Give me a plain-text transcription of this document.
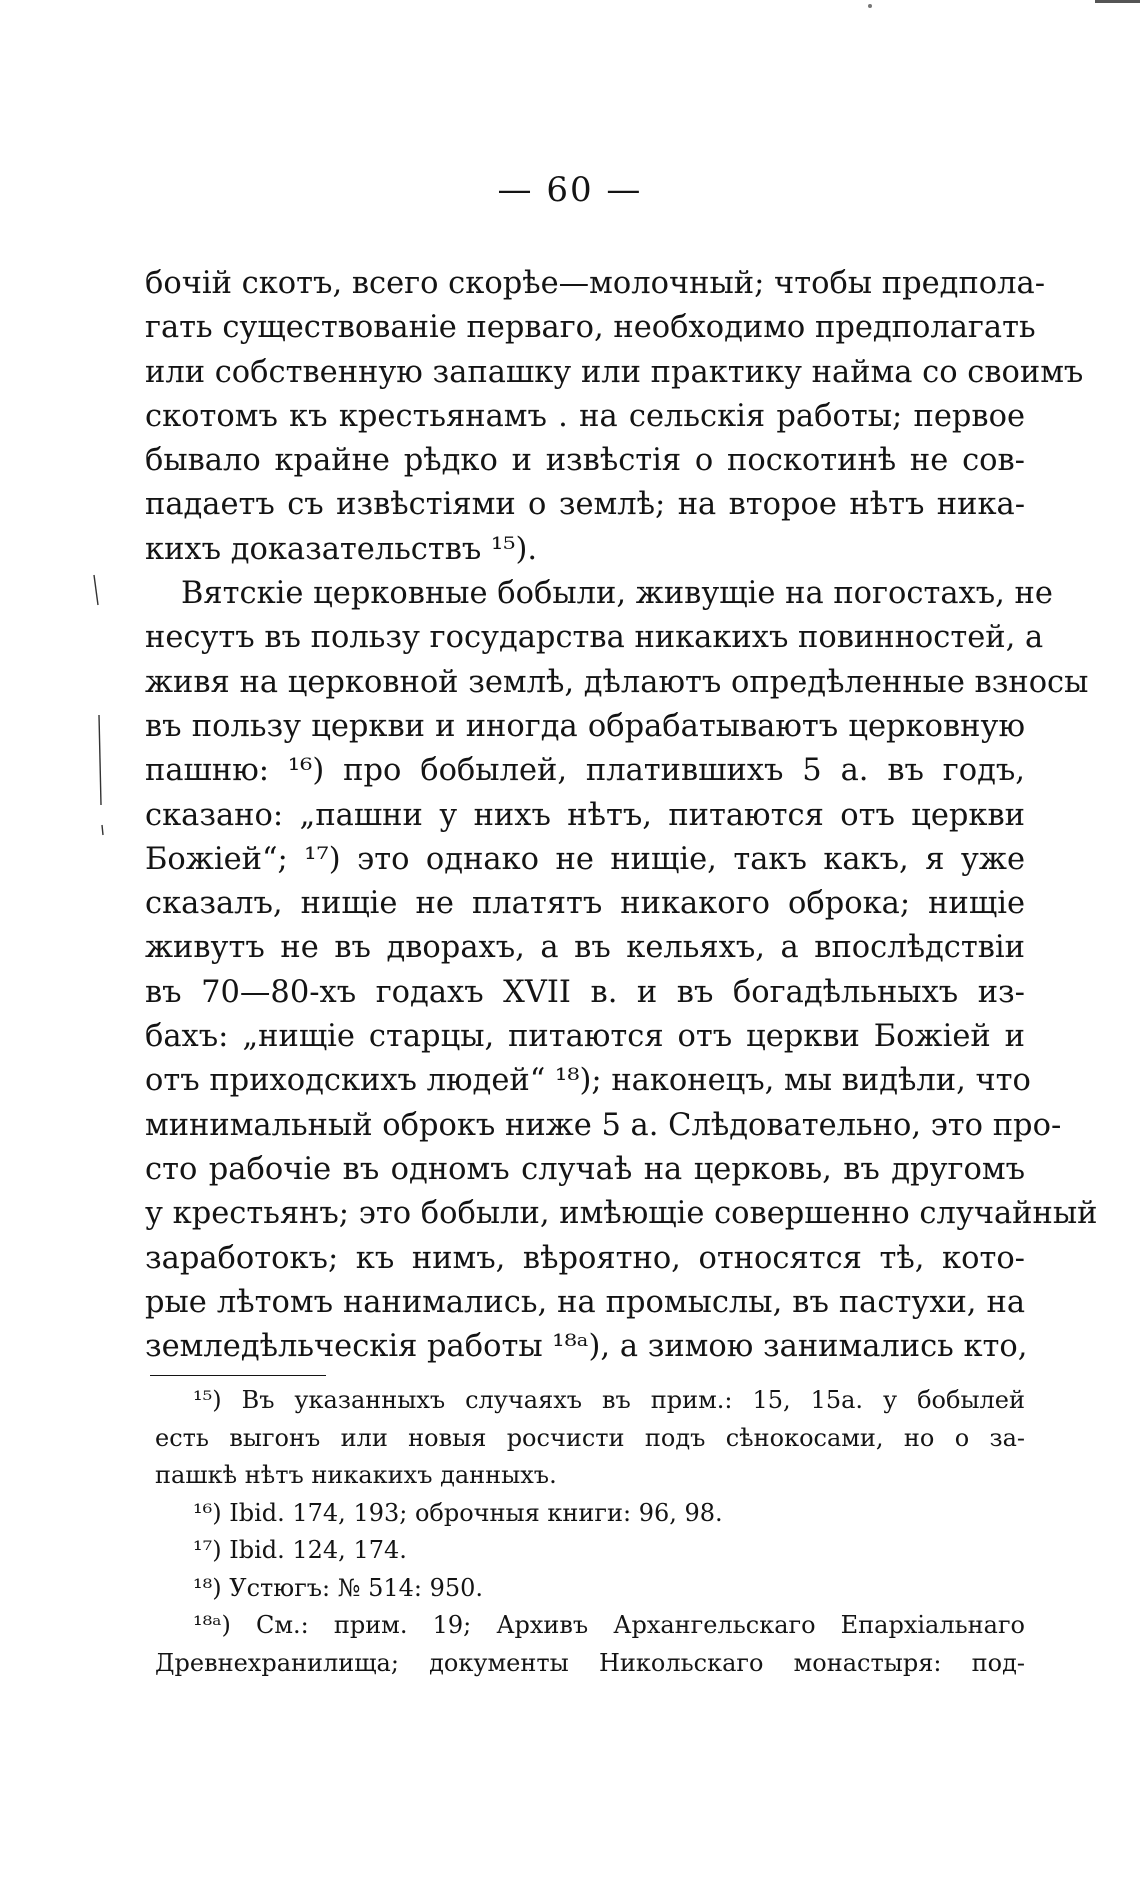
— 60 —
бочій скотъ, всего скорѣе—молочный; чтобы предпола-
гать существованіе перваго, необходимо предполагать
или собственную запашку или практику найма со своимъ
скотомъ къ крестьянамъ . на сельскія работы; первое
бывало крайне рѣдко и извѣстія о поскотинѣ не сов-
падаетъ съ извѣстіями о землѣ; на второе нѣтъ никa-
кихъ доказательствъ ¹⁵).
Вятскіе церковные бобыли, живущіе на погостахъ, не
несутъ въ пользу государства никакихъ повинностей, а
живя на церковной землѣ, дѣлаютъ опредѣленные взносы
въ пользу церкви и иногда обрабатываютъ церковную
пашню: ¹⁶) про бобылей, платившихъ 5 а. въ годъ,
сказано: „пашни у нихъ нѣтъ, питаются отъ церкви
Божіей“; ¹⁷) это однако не нищіе, такъ какъ, я уже
сказалъ, нищіе не платятъ никакого оброка; нищіе
живутъ не въ дворахъ, а въ кельяхъ, а впослѣдствіи
въ 70—80-хъ годахъ XVII в. и въ богадѣльныхъ из-
бахъ: „нищіе старцы, питаются отъ церкви Божіей и
отъ приходскихъ людей“ ¹⁸); наконецъ, мы видѣли, что
минимальный оброкъ ниже 5 а. Слѣдовательно, это про-
сто рабочіе въ одномъ случаѣ на церковь, въ другомъ
у крестьянъ; это бобыли, имѣющіе совершенно случайный
заработокъ; къ нимъ, вѣроятно, относятся тѣ, кото-
рые лѣтомъ нанимались, на промыслы, въ пастухи, на
земледѣльческія работы ¹⁸ᵃ), а зимою занимались кто,
¹⁵) Въ указанныхъ случаяхъ въ прим.: 15, 15а. у бобылей
есть выгонъ или новыя росчисти подъ сѣнокосами, но о за-
пашкѣ нѣтъ никакихъ данныхъ.
¹⁶) Ibid. 174, 193; оброчныя книги: 96, 98.
¹⁷) Ibid. 124, 174.
¹⁸) Устюгъ: № 514: 950.
¹⁸ᵃ) См.: прим. 19; Архивъ Архангельскаго Епархіальнаго
Древнехранилища; документы Никольскаго монастыря: под-
